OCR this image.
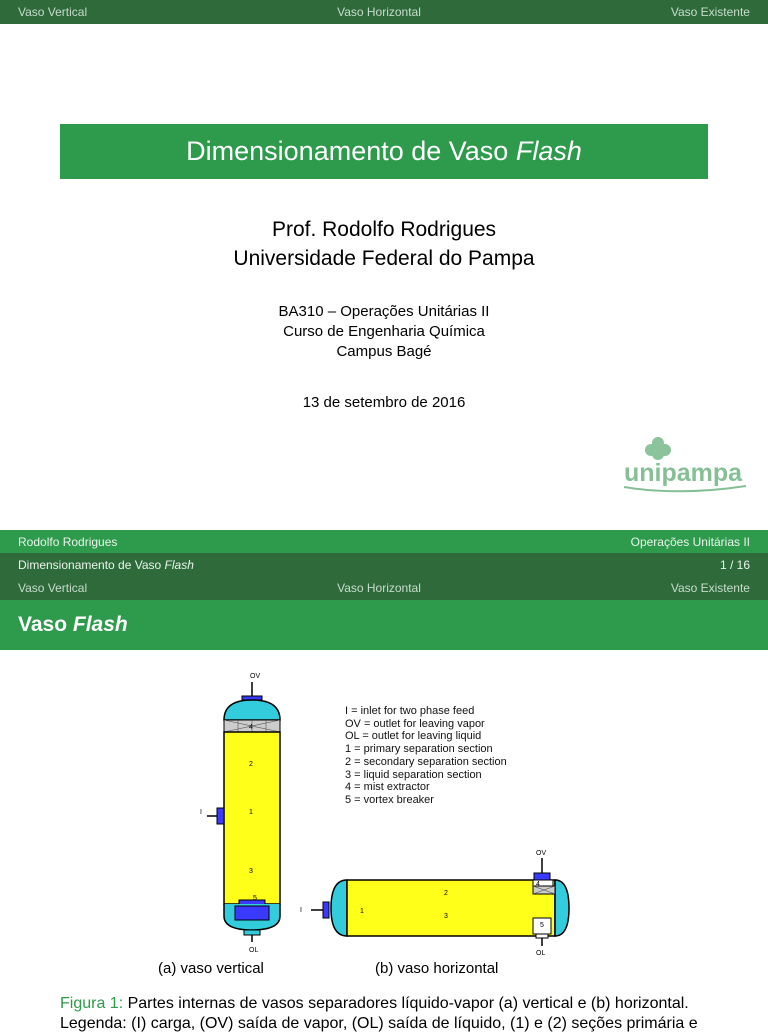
Vaso Vertical	Vaso Horizontal	Vaso Existente
Dimensionamento de Vaso Flash
Prof. Rodolfo Rodrigues
Universidade Federal do Pampa
BA310 – Operações Unitárias II
Curso de Engenharia Química
Campus Bagé
13 de setembro de 2016
unipampa
Rodolfo Rodrigues	Operações Unitárias II
Dimensionamento de Vaso Flash	1 / 16
Vaso Vertical	Vaso Horizontal	Vaso Existente
Vaso
Flash
OV
OL
I
2
1
3
4
5
OV
OL
I	1
2
3
4
5
I = inlet for two phase feed
OV = outlet for leaving vapor
OL = outlet for leaving liquid
1 = primary separation section
2 = secondary separation section
3 = liquid separation section
4 = mist extractor
5 = vortex breaker
(a) vaso vertical	(b) vaso horizontal
Figura 1: Partes internas de vasos separadores líquido-vapor (a) vertical e (b) horizontal.
Legenda: (I) carga, (OV) saída de vapor, (OL) saída de líquido, (1) e (2) seções primária e
